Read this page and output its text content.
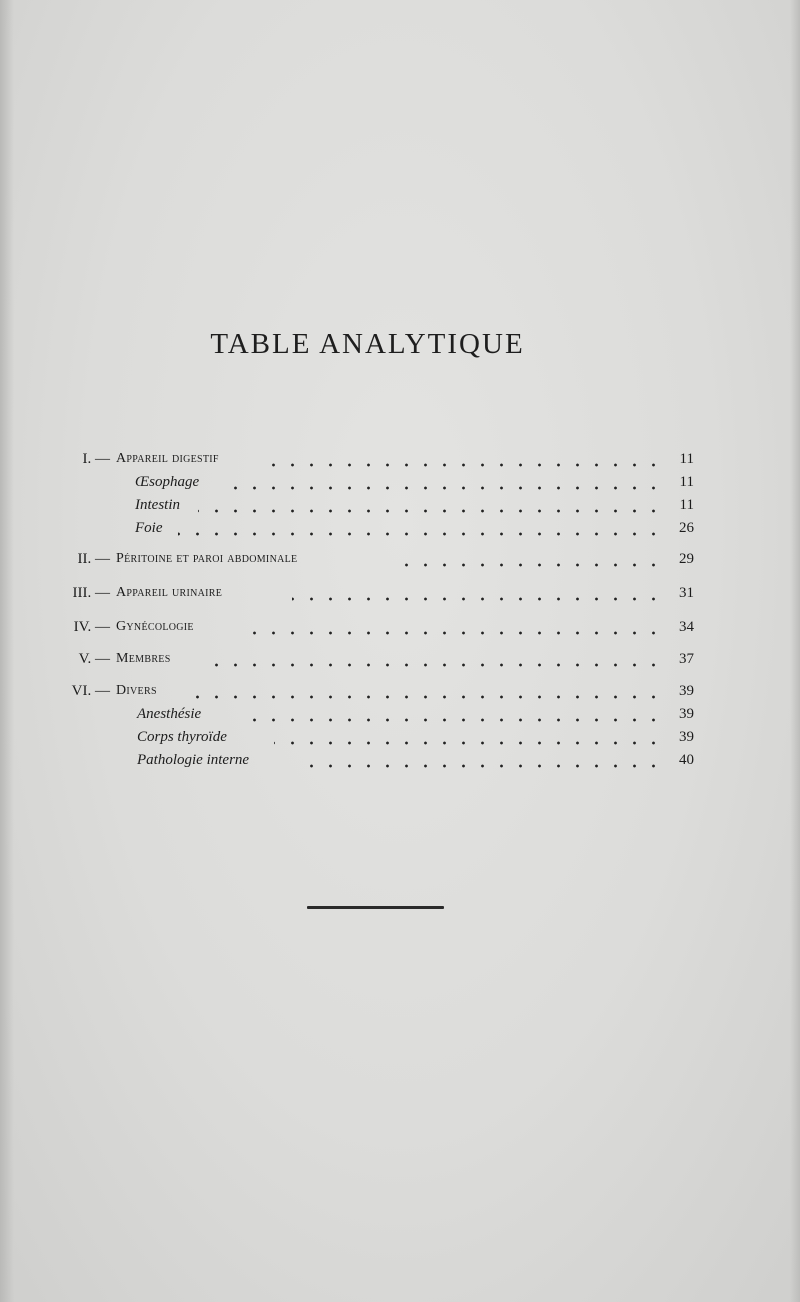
TABLE ANALYTIQUE
I. — Appareil digestif	11
Œsophage	11
Intestin	11
Foie	26
II. — Péritoine et paroi abdominale	29
III. — Appareil urinaire	31
IV. — Gynécologie	34
V. — Membres	37
VI. — Divers	39
Anesthésie	39
Corps thyroïde	39
Pathologie interne	40
